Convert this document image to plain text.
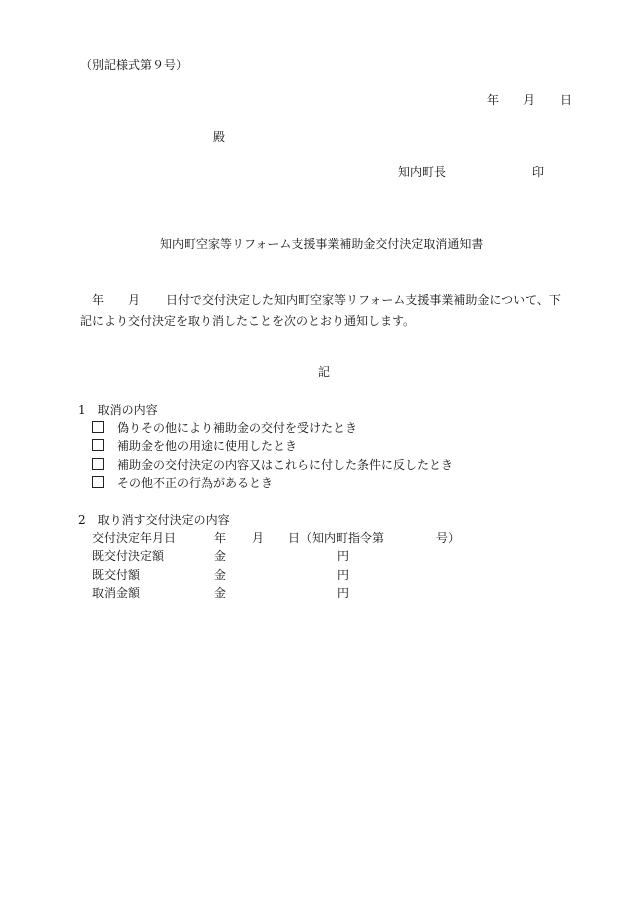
（別記様式第９号）
年 月 日
殿
知内町長	印
知内町空家等リフォーム支援事業補助金交付決定取消通知書
年 月 日付で交付決定した知内町空家等リフォーム支援事業補助金について、下
記により交付決定を取り消したことを次のとおり通知します。
記
1　取消の内容
偽りその他により補助金の交付を受けたとき
補助金を他の用途に使用したとき
補助金の交付決定の内容又はこれらに付した条件に反したとき
その他不正の行為があるとき
2　取り消す交付決定の内容
交付決定年月日	年 月 日 （知内町指令第	号）
既交付決定額	金	円
既交付額	金	円
取消金額	金	円
